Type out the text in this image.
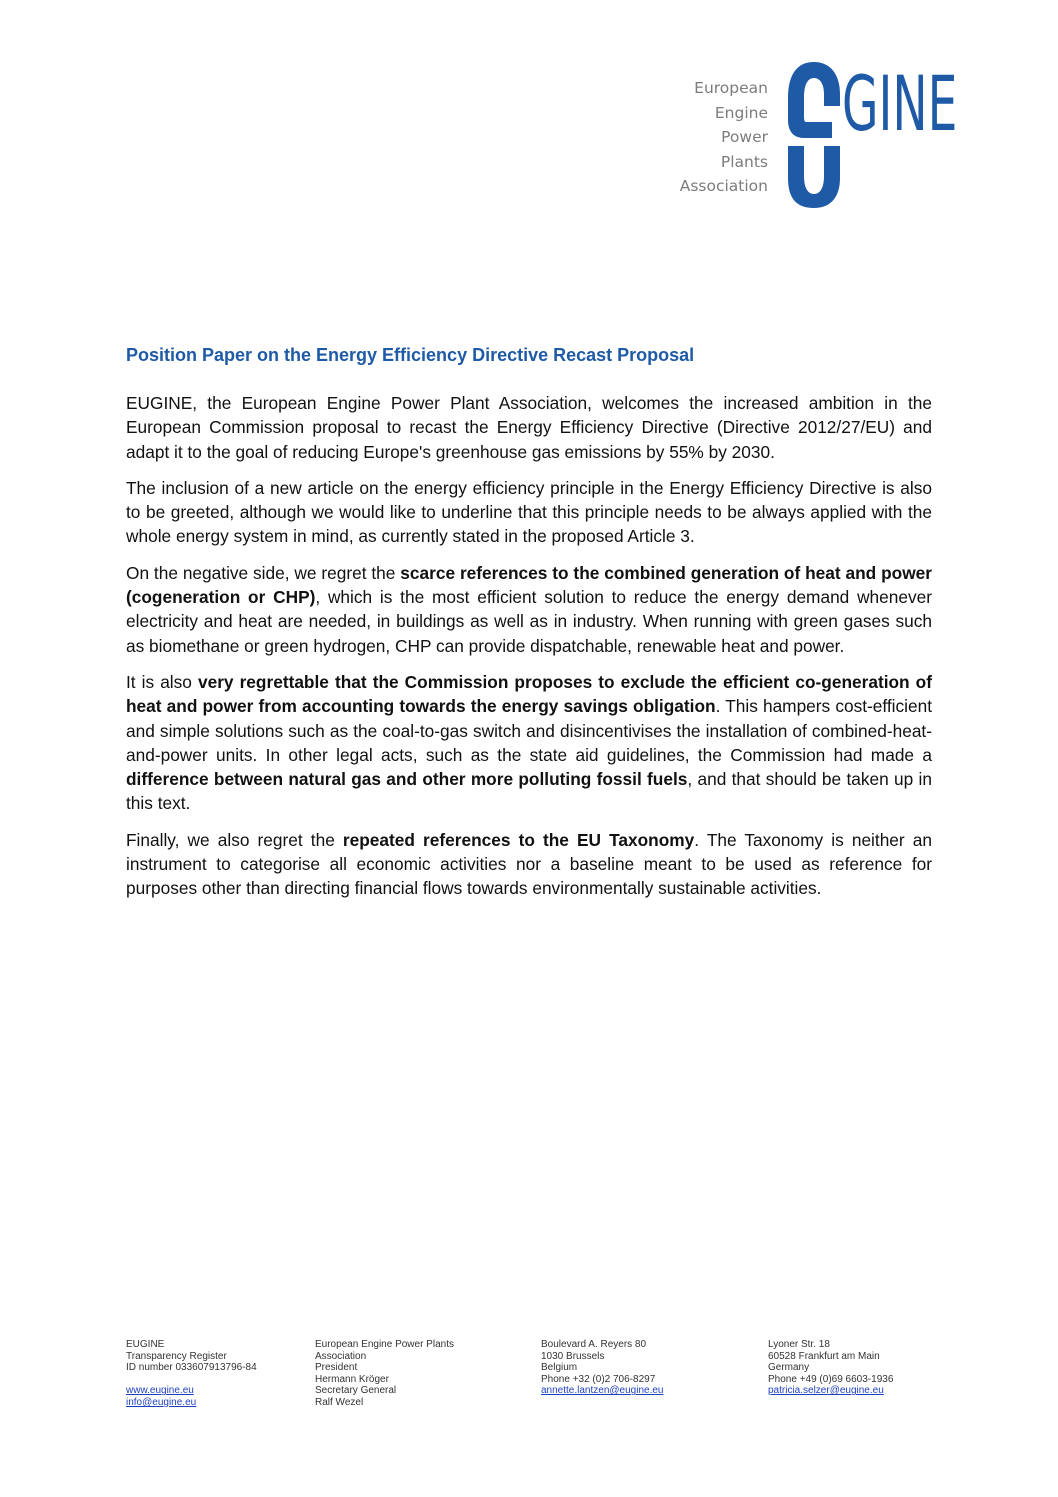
European
Engine
Power
Plants
Association
GINE
Position Paper on the Energy Efficiency Directive Recast Proposal

EUGINE, the European Engine Power Plant Association, welcomes the increased ambition in the European Commission proposal to recast the Energy Efficiency Directive (Directive 2012/27/EU) and adapt it to the goal of reducing Europe's greenhouse gas emissions by 55% by 2030.

The inclusion of a new article on the energy efficiency principle in the Energy Efficiency Directive is also to be greeted, although we would like to underline that this principle needs to be always applied with the whole energy system in mind, as currently stated in the proposed Article 3.

On the negative side, we regret the scarce references to the combined generation of heat and power (cogeneration or CHP), which is the most efficient solution to reduce the energy demand whenever electricity and heat are needed, in buildings as well as in industry. When running with green gases such as biomethane or green hydrogen, CHP can provide dispatchable, renewable heat and power.

It is also very regrettable that the Commission proposes to exclude the efficient co-generation of heat and power from accounting towards the energy savings obligation. This hampers cost-efficient and simple solutions such as the coal-to-gas switch and disincentivises the installation of combined-heat-and-power units. In other legal acts, such as the state aid guidelines, the Commission had made a difference between natural gas and other more polluting fossil fuels, and that should be taken up in this text.

Finally, we also regret the repeated references to the EU Taxonomy. The Taxonomy is neither an instrument to categorise all economic activities nor a baseline meant to be used as reference for purposes other than directing financial flows towards environmentally sustainable activities.

EUGINE
Transparency Register
ID number 033607913796-84
www.eugine.eu
info@eugine.eu
European Engine Power Plants
Association
President
Hermann Kröger
Secretary General
Ralf Wezel
Boulevard A. Reyers 80
1030 Brussels
Belgium
Phone +32 (0)2 706-8297
annette.lantzen@eugine.eu
Lyoner Str. 18
60528 Frankfurt am Main
Germany
Phone +49 (0)69 6603-1936
patricia.selzer@eugine.eu
